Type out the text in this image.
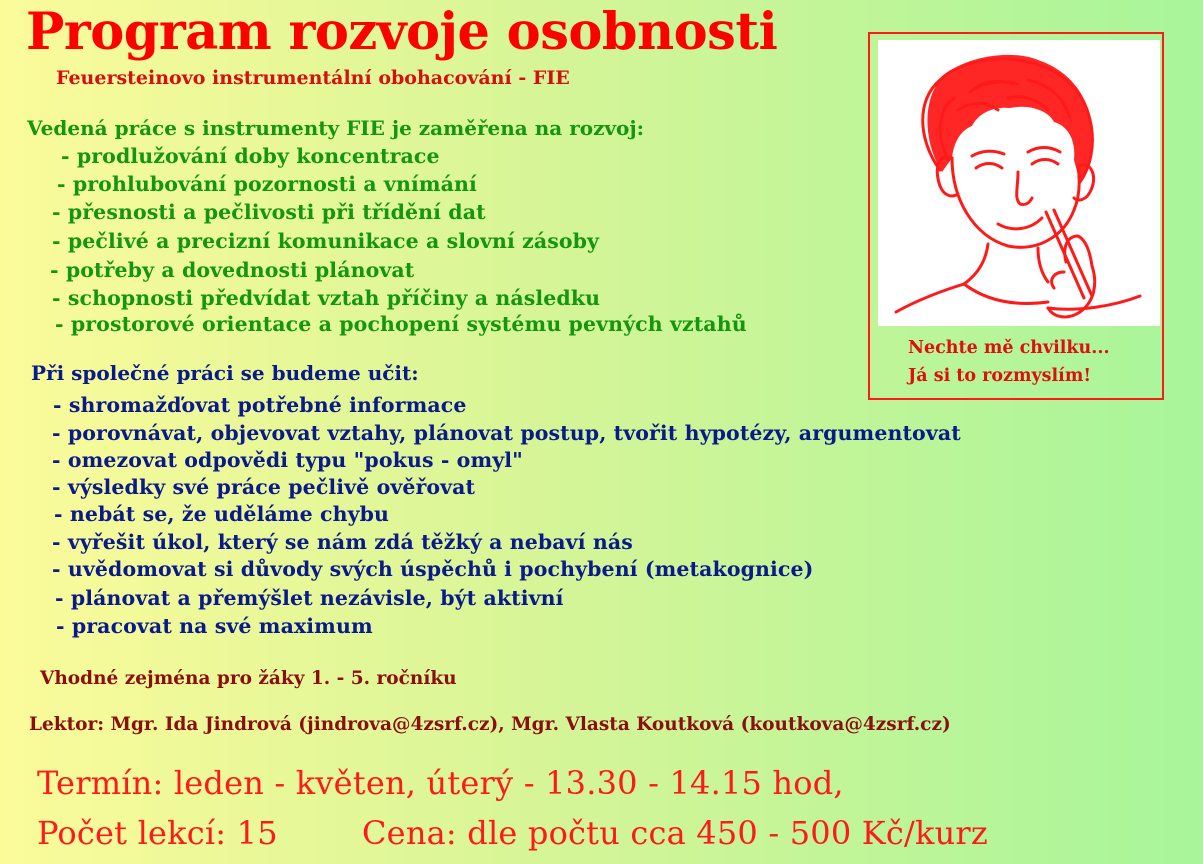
Program rozvoje osobnosti
Feuersteinovo instrumentální obohacování - FIE
Vedená práce s instrumenty FIE je zaměřena na rozvoj:
- prodlužování doby koncentrace
- prohlubování pozornosti a vnímání
- přesnosti a pečlivosti při třídění dat
- pečlivé a precizní komunikace a slovní zásoby
- potřeby a dovednosti plánovat
- schopnosti předvídat vztah příčiny a následku
- prostorové orientace a pochopení systému pevných vztahů
Při společné práci se budeme učit:
- shromažďovat potřebné informace
- porovnávat, objevovat vztahy, plánovat postup, tvořit hypotézy, argumentovat
- omezovat odpovědi typu "pokus - omyl"
- výsledky své práce pečlivě ověřovat
- nebát se, že uděláme chybu
- vyřešit úkol, který se nám zdá těžký a nebaví nás
- uvědomovat si důvody svých úspěchů i pochybení (metakognice)
- plánovat a přemýšlet nezávisle, být aktivní
- pracovat na své maximum
Vhodné zejména pro žáky 1. - 5. ročníku
Lektor: Mgr. Ida Jindrová (jindrova@4zsrf.cz), Mgr. Vlasta Koutková (koutkova@4zsrf.cz)
Termín: leden - květen, úterý - 13.30 - 14.15 hod,
Počet lekcí: 15	Cena: dle počtu cca 450 - 500 Kč/kurz
Nechte mě chvilku...
Já si to rozmyslím!
